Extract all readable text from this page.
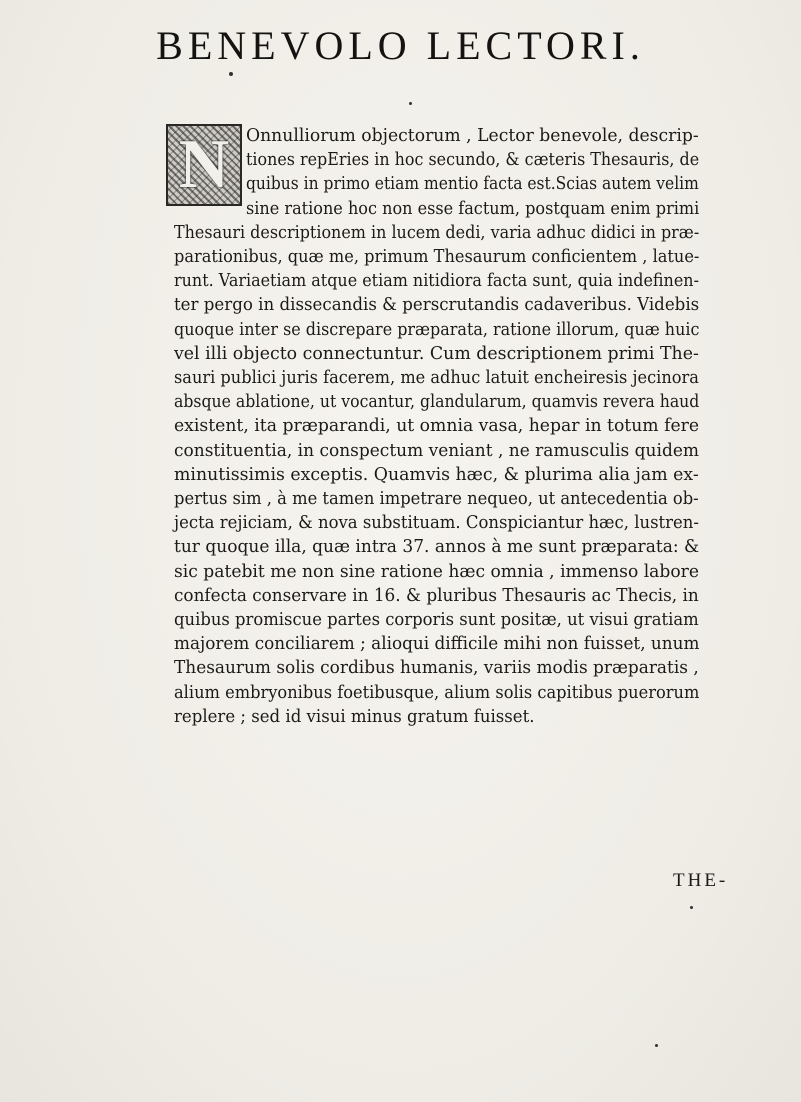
BENEVOLO LECTORI.
N Onnulliorum objectorum , Lector benevole, descrip-
tiones repEries in hoc secundo, & cæteris Thesauris, de
quibus in primo etiam mentio facta est.Scias autem velim
sine ratione hoc non esse factum, postquam enim primi
Thesauri descriptionem in lucem dedi, varia adhuc didici in præ-
parationibus, quæ me, primum Thesaurum conficientem , latue-
runt. Variaetiam atque etiam nitidiora facta sunt, quia indefinen-
ter pergo in dissecandis & perscrutandis cadaveribus. Videbis
quoque inter se discrepare præparata, ratione illorum, quæ huic
vel illi objecto connectuntur. Cum descriptionem primi The-
sauri publici juris facerem, me adhuc latuit encheiresis jecinora
absque ablatione, ut vocantur, glandularum, quamvis revera haud
existent, ita præparandi, ut omnia vasa, hepar in totum fere
constituentia, in conspectum veniant , ne ramusculis quidem
minutissimis exceptis. Quamvis hæc, & plurima alia jam ex-
pertus sim , à me tamen impetrare nequeo, ut antecedentia ob-
jecta rejiciam, & nova substituam. Conspiciantur hæc, lustren-
tur quoque illa, quæ intra 37. annos à me sunt præparata: &
sic patebit me non sine ratione hæc omnia , immenso labore
confecta conservare in 16. & pluribus Thesauris ac Thecis, in
quibus promiscue partes corporis sunt positæ, ut visui gratiam
majorem conciliarem ; alioqui difficile mihi non fuisset, unum
Thesaurum solis cordibus humanis, variis modis præparatis ,
alium embryonibus foetibusque, alium solis capitibus puerorum
replere ; sed id visui minus gratum fuisset.
THE-
